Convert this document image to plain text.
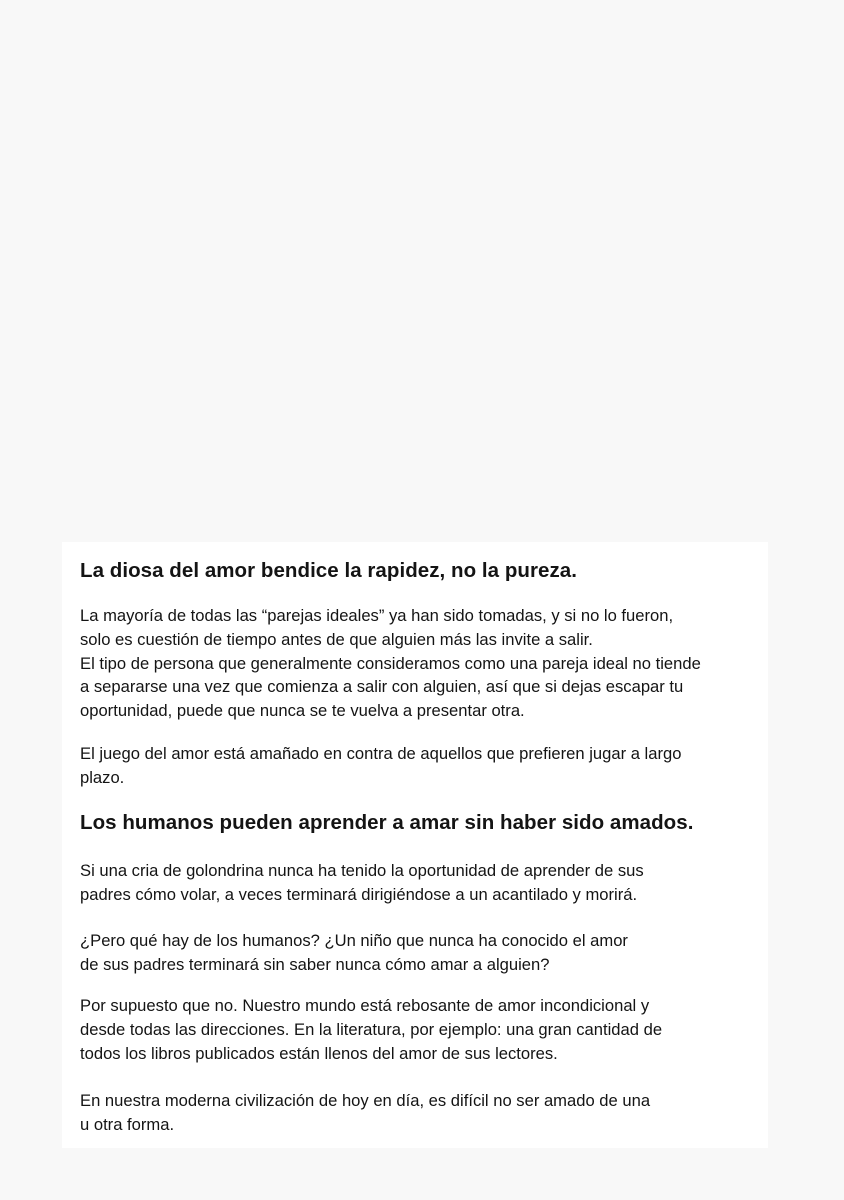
La diosa del amor bendice la rapidez, no la pureza.

La mayoría de todas las “parejas ideales” ya han sido tomadas, y si no lo fueron,
solo es cuestión de tiempo antes de que alguien más las invite a salir.
El tipo de persona que generalmente consideramos como una pareja ideal no tiende
a separarse una vez que comienza a salir con alguien, así que si dejas escapar tu
oportunidad, puede que nunca se te vuelva a presentar otra.

El juego del amor está amañado en contra de aquellos que prefieren jugar a largo
plazo.

Los humanos pueden aprender a amar sin haber sido amados.

Si una cria de golondrina nunca ha tenido la oportunidad de aprender de sus
padres cómo volar, a veces terminará dirigiéndose a un acantilado y morirá.

¿Pero qué hay de los humanos? ¿Un niño que nunca ha conocido el amor
de sus padres terminará sin saber nunca cómo amar a alguien?

Por supuesto que no. Nuestro mundo está rebosante de amor incondicional y
desde todas las direcciones. En la literatura, por ejemplo: una gran cantidad de
todos los libros publicados están llenos del amor de sus lectores.

En nuestra moderna civilización de hoy en día, es difícil no ser amado de una
u otra forma.
